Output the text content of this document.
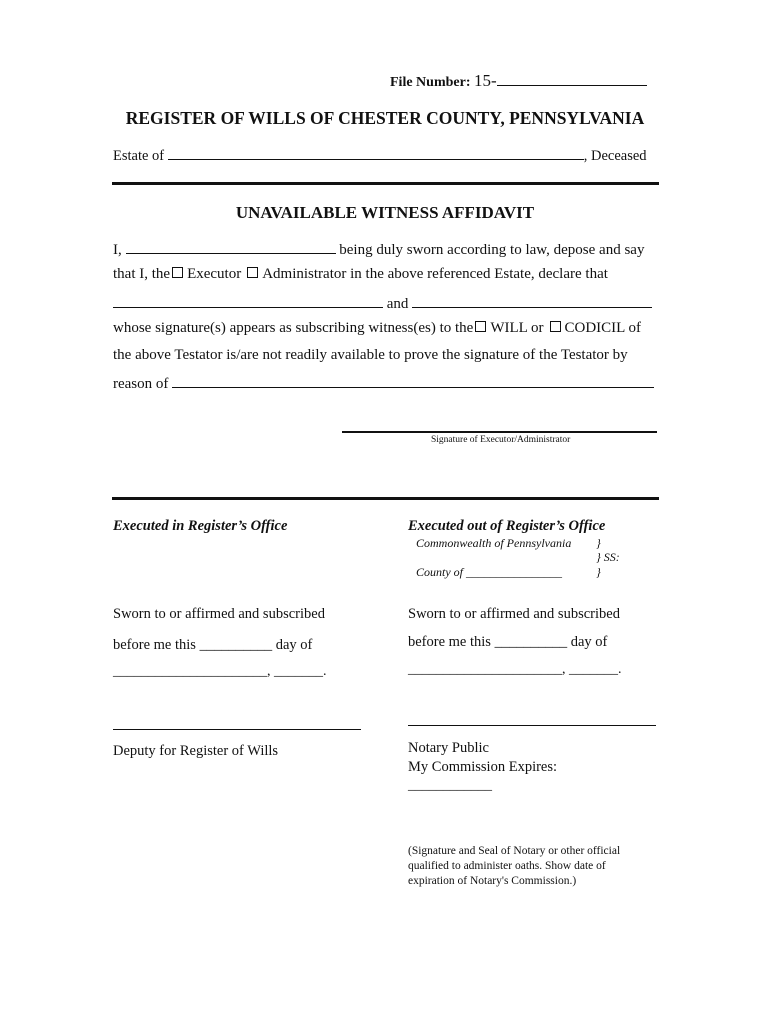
File Number: 15-
REGISTER OF WILLS OF CHESTER COUNTY, PENNSYLVANIA
Estate of	, Deceased
UNAVAILABLE WITNESS AFFIDAVIT
I,	being duly sworn according to law, depose and say
that I, the Executor Administrator in the above referenced Estate, declare that
and
whose signature(s) appears as subscribing witness(es) to the WILL or CODICIL of
the above Testator is/are not readily available to prove the signature of the Testator by
reason of
Signature of Executor/Administrator
Executed in Register’s Office
Sworn to or affirmed and subscribed
before me this __________ day of
______________________, _______.
Deputy for Register of Wills
Executed out of Register’s Office
Commonwealth of Pennsylvania }
} SS:
County of ________________	}
Sworn to or affirmed and subscribed
before me this __________ day of
______________________, _______.
Notary Public
My Commission Expires:
____________
(Signature and Seal of Notary or other official
qualified to administer oaths. Show date of
expiration of Notary's Commission.)
